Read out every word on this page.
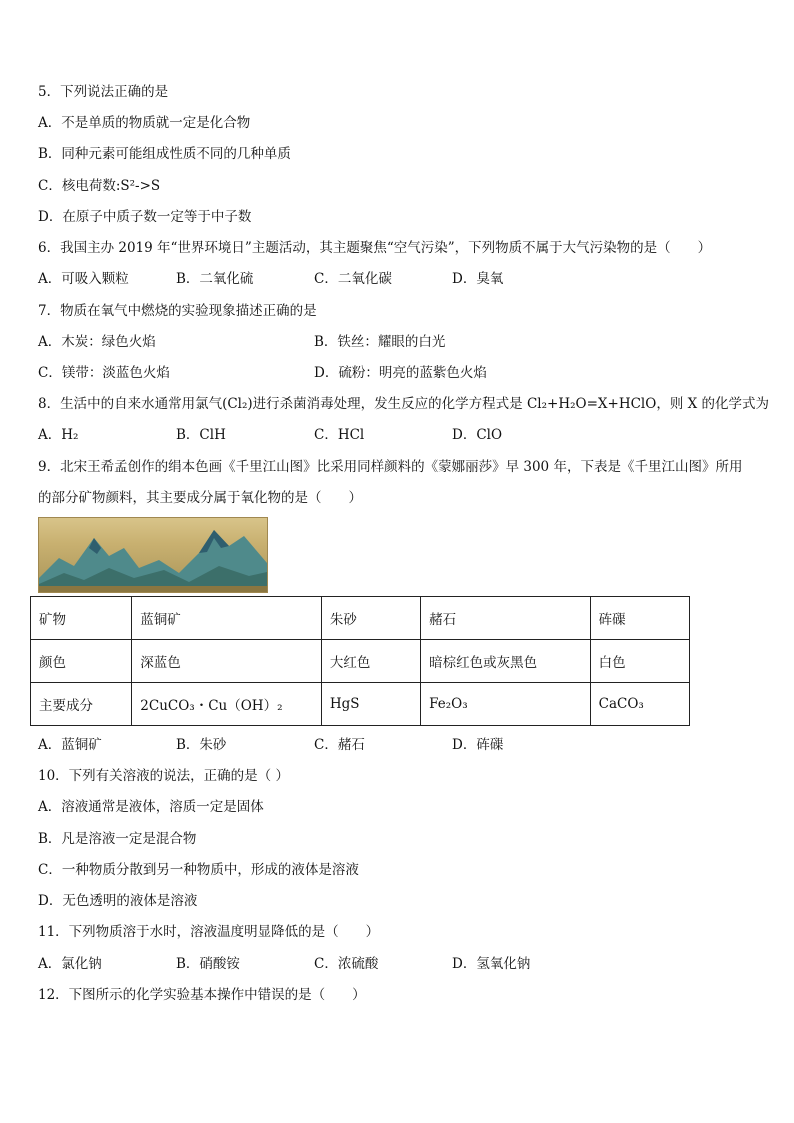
5．下列说法正确的是
A．不是单质的物质就一定是化合物
B．同种元素可能组成性质不同的几种单质
C．核电荷数:S²->S
D．在原子中质子数一定等于中子数
6．我国主办 2019 年“世界环境日”主题活动，其主题聚焦“空气污染”，下列物质不属于大气污染物的是（　　）
A．可吸入颗粒	B．二氧化硫	C．二氧化碳	D．臭氧
7．物质在氧气中燃烧的实验现象描述正确的是
A．木炭：绿色火焰	B．铁丝：耀眼的白光
C．镁带：淡蓝色火焰	D．硫粉：明亮的蓝紫色火焰
8．生活中的自来水通常用氯气(Cl₂)进行杀菌消毒处理，发生反应的化学方程式是 Cl₂+H₂O=X+HClO，则 X 的化学式为
A．H₂	B．ClH	C．HCl	D．ClO
9．北宋王希孟创作的绢本色画《千里江山图》比采用同样颜料的《蒙娜丽莎》早 300 年，下表是《千里江山图》所用
的部分矿物颜料，其主要成分属于氧化物的是（　　）
矿物	蓝铜矿	朱砂	赭石	砗磲
颜色	深蓝色	大红色	暗棕红色或灰黑色	白色
主要成分	2CuCO₃・Cu（OH）₂	HgS	Fe₂O₃	CaCO₃
A．蓝铜矿	B．朱砂	C．赭石	D．砗磲
10．下列有关溶液的说法，正确的是（ ）
A．溶液通常是液体，溶质一定是固体
B．凡是溶液一定是混合物
C．一种物质分散到另一种物质中，形成的液体是溶液
D．无色透明的液体是溶液
11．下列物质溶于水时，溶液温度明显降低的是（　　）
A．氯化钠	B．硝酸铵	C．浓硫酸	D．氢氧化钠
12．下图所示的化学实验基本操作中错误的是（　　）
